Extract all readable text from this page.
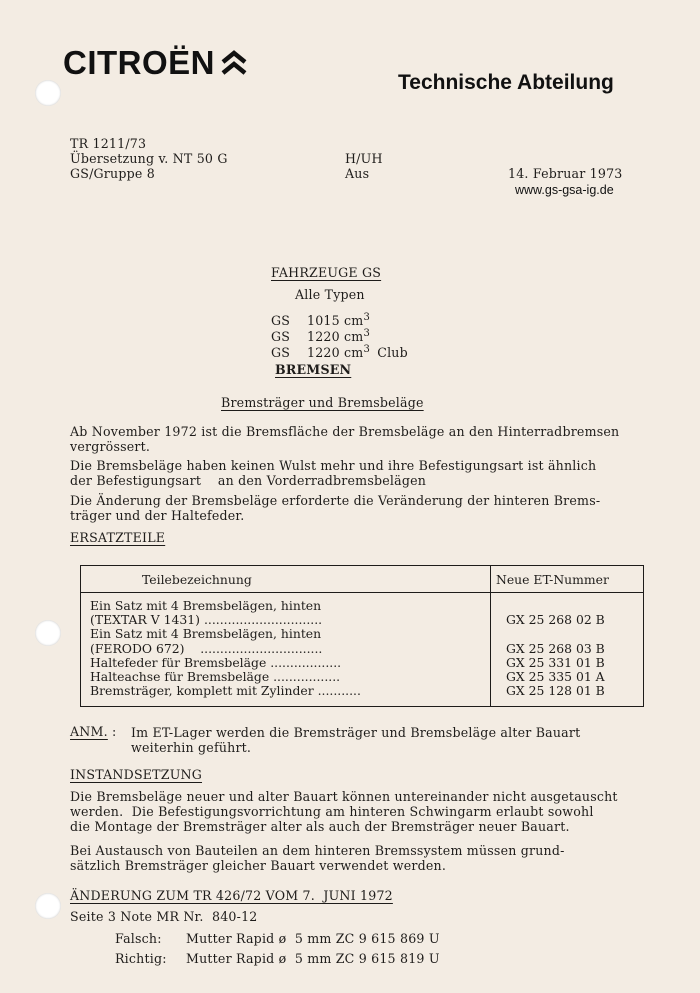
CITROËN
Technische Abteilung
TR 1211/73
Übersetzung v. NT 50 G
GS/Gruppe 8
H/UH
Aus	14. Februar 1973
www.gs-gsa-ig.de
FAHRZEUGE GS
Alle Typen
GS 1015 $cm^3$
GS 1220 $cm^3$
GS 1220 $cm^3$ Club
BREMSEN
Bremsträger und Bremsbeläge
Ab November 1972 ist die Bremsfläche der Bremsbeläge an den Hinterradbremsen
vergrössert.
Die Bremsbeläge haben keinen Wulst mehr und ihre Befestigungsart ist ähnlich
der Befestigungsart    an den Vorderradbremsbelägen
Die Änderung der Bremsbeläge erforderte die Veränderung der hinteren Brems-
träger und der Haltefeder.
ERSATZTEILE
Teilebezeichnung	Neue ET-Nummer
Ein Satz mit 4 Bremsbelägen, hinten
(TEXTAR V 1431) ..............................	GX 25 268 02 B
Ein Satz mit 4 Bremsbelägen, hinten
(FERODO 672)    ...............................	GX 25 268 03 B
Haltefeder für Bremsbeläge ..................	GX 25 331 01 B
Halteachse für Bremsbeläge .................	GX 25 335 01 A
Bremsträger, komplett mit Zylinder ...........	GX 25 128 01 B
ANM. : Im ET-Lager werden die Bremsträger und Bremsbeläge alter Bauart
weiterhin geführt.
INSTANDSETZUNG
Die Bremsbeläge neuer und alter Bauart können untereinander nicht ausgetauscht
werden.  Die Befestigungsvorrichtung am hinteren Schwingarm erlaubt sowohl
die Montage der Bremsträger alter als auch der Bremsträger neuer Bauart.
Bei Austausch von Bauteilen an dem hinteren Bremssystem müssen grund-
sätzlich Bremsträger gleicher Bauart verwendet werden.
ÄNDERUNG ZUM TR 426/72 VOM 7.  JUNI 1972
Seite 3 Note MR Nr.  840-12
Falsch: Mutter Rapid ø  5 mm ZC 9 615 869 U
Richtig: Mutter Rapid ø  5 mm ZC 9 615 819 U
